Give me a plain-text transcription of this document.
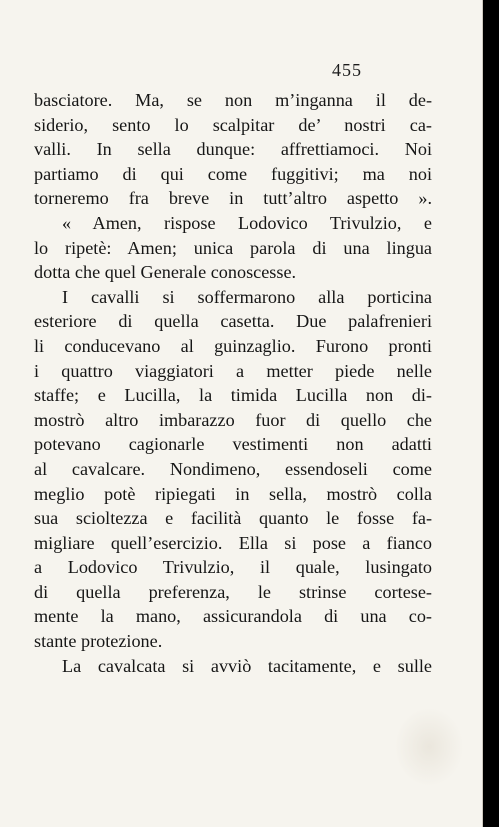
455
basciatore. Ma, se non m’inganna il de-
siderio, sento lo scalpitar de’ nostri ca-
valli. In sella dunque: affrettiamoci. Noi
partiamo di qui come fuggitivi; ma noi
torneremo fra breve in tutt’altro aspetto ».
« Amen, rispose Lodovico Trivulzio, e
lo ripetè: Amen; unica parola di una lingua
dotta che quel Generale conoscesse.
I cavalli si soffermarono alla porticina
esteriore di quella casetta. Due palafrenieri
li conducevano al guinzaglio. Furono pronti
i quattro viaggiatori a metter piede nelle
staffe; e Lucilla, la timida Lucilla non di-
mostrò altro imbarazzo fuor di quello che
potevano cagionarle vestimenti non adatti
al cavalcare. Nondimeno, essendoseli come
meglio potè ripiegati in sella, mostrò colla
sua scioltezza e facilità quanto le fosse fa-
migliare quell’esercizio. Ella si pose a fianco
a Lodovico Trivulzio, il quale, lusingato
di quella preferenza, le strinse cortese-
mente la mano, assicurandola di una co-
stante protezione.
La cavalcata si avviò tacitamente, e sulle
